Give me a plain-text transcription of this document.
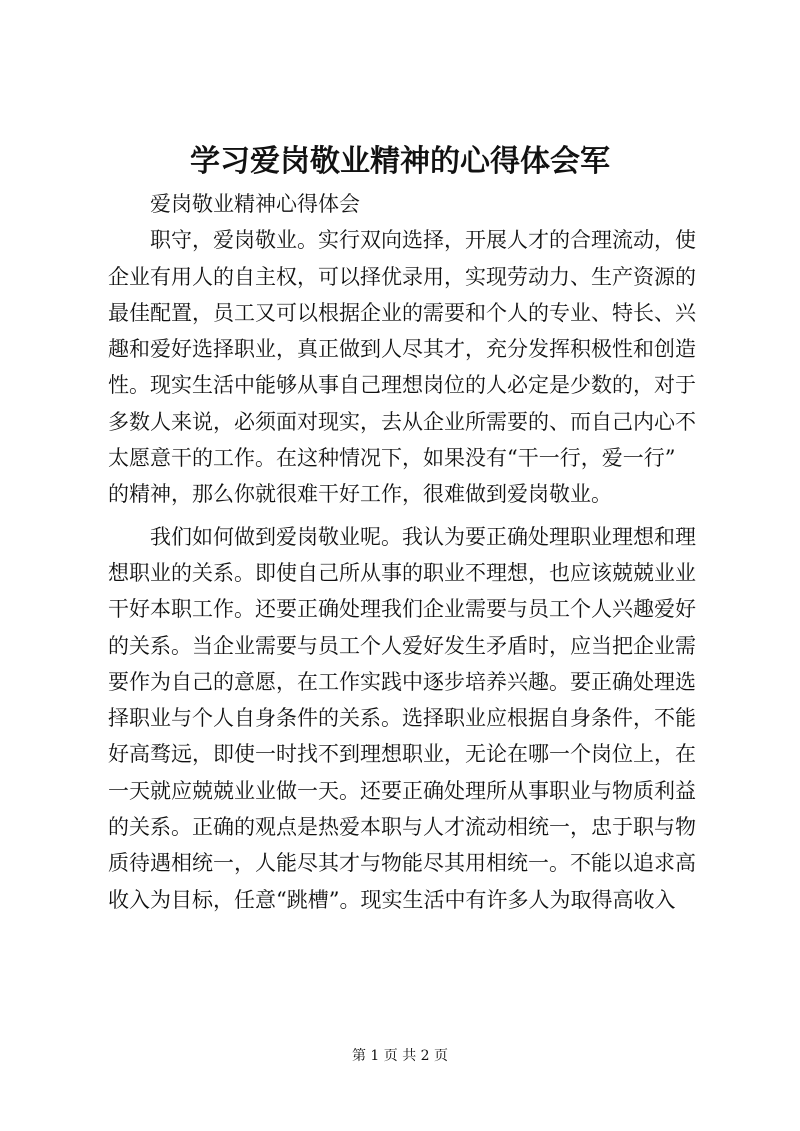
学习爱岗敬业精神的心得体会军
爱岗敬业精神心得体会
职守，爱岗敬业。实行双向选择，开展人才的合理流动，使
企业有用人的自主权，可以择优录用，实现劳动力、生产资源的
最佳配置，员工又可以根据企业的需要和个人的专业、特长、兴
趣和爱好选择职业，真正做到人尽其才，充分发挥积极性和创造
性。现实生活中能够从事自己理想岗位的人必定是少数的，对于
多数人来说，必须面对现实，去从企业所需要的、而自己内心不
太愿意干的工作。在这种情况下，如果没有“干一行，爱一行”
的精神，那么你就很难干好工作，很难做到爱岗敬业。
我们如何做到爱岗敬业呢。我认为要正确处理职业理想和理
想职业的关系。即使自己所从事的职业不理想，也应该兢兢业业
干好本职工作。还要正确处理我们企业需要与员工个人兴趣爱好
的关系。当企业需要与员工个人爱好发生矛盾时，应当把企业需
要作为自己的意愿，在工作实践中逐步培养兴趣。要正确处理选
择职业与个人自身条件的关系。选择职业应根据自身条件，不能
好高骛远，即使一时找不到理想职业，无论在哪一个岗位上，在
一天就应兢兢业业做一天。还要正确处理所从事职业与物质利益
的关系。正确的观点是热爱本职与人才流动相统一，忠于职与物
质待遇相统一，人能尽其才与物能尽其用相统一。不能以追求高
收入为目标，任意“跳槽”。现实生活中有许多人为取得高收入
第 1 页 共 2 页
